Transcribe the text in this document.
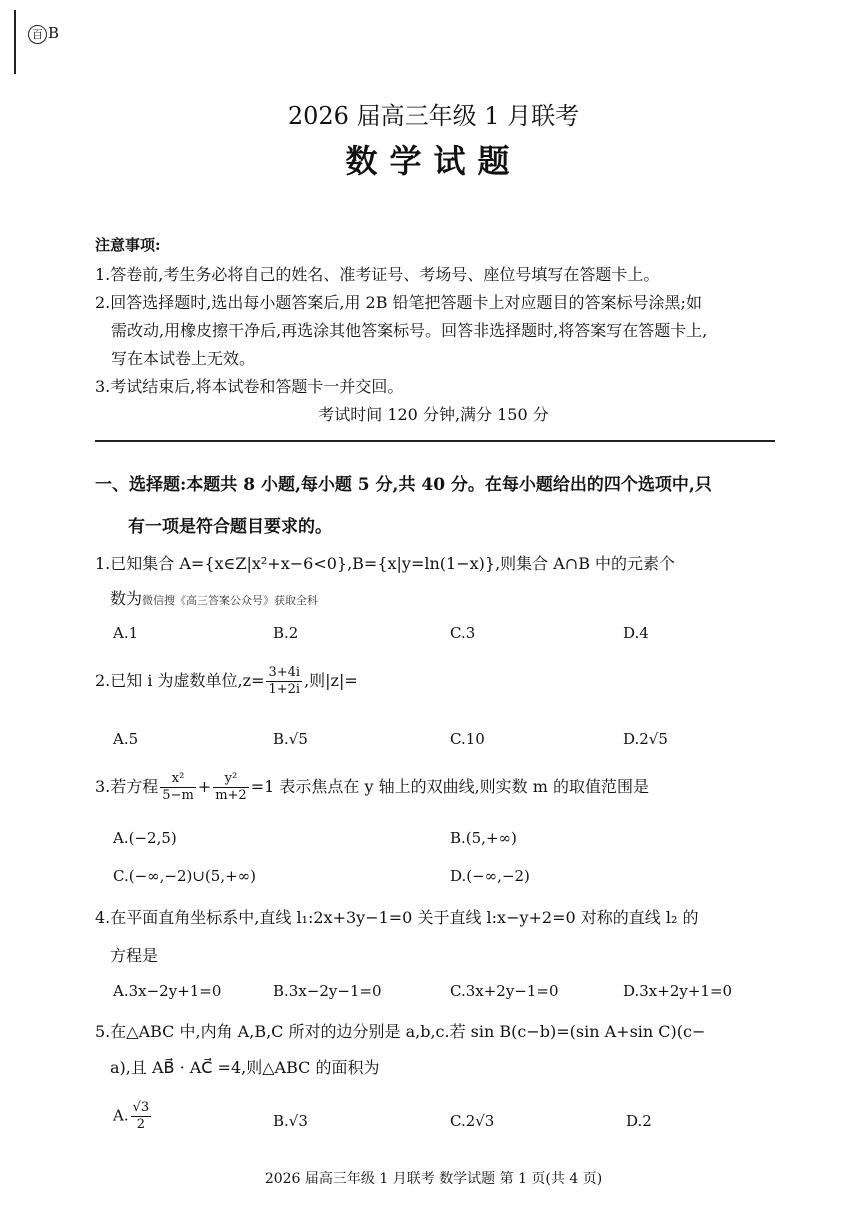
百 B
2026 届高三年级 1 月联考
数学试题
注意事项:
1.答卷前,考生务必将自己的姓名、准考证号、考场号、座位号填写在答题卡上。
2.回答选择题时,选出每小题答案后,用 2B 铅笔把答题卡上对应题目的答案标号涂黑;如
需改动,用橡皮擦干净后,再选涂其他答案标号。回答非选择题时,将答案写在答题卡上,
写在本试卷上无效。
3.考试结束后,将本试卷和答题卡一并交回。
考试时间 120 分钟,满分 150 分
一、选择题:本题共 8 小题,每小题 5 分,共 40 分。在每小题给出的四个选项中,只
有一项是符合题目要求的。
1.已知集合 A={x∈Z|x²+x−6<0},B={x|y=ln(1−x)},则集合 A∩B 中的元素个
数为微信搜《高三答案公众号》获取全科
A.1	B.2	C.3	D.4
2.已知 i 为虚数单位$,z= \frac{3+4i}{1+2i}$ ,则|z|=
A.5	B.√5	C.10	D.2√5
3.若方程 $\frac{\text{x²}}{5-m} + \frac{\text{y²}}{m+2} =1$ 表示焦点在 y 轴上的双曲线,则实数 m 的取值范围是
A.(−2,5)	B.(5,+∞)
C.(−∞,−2)∪(5,+∞)	D.(−∞,−2)
4.在平面直角坐标系中,直线 l₁:2x+3y−1=0 关于直线 l:x−y+2=0 对称的直线 l₂ 的
方程是
A.3x−2y+1=0	B.3x−2y−1=0	C.3x+2y−1=0	D.3x+2y+1=0
5.在△ABC 中,内角 A,B,C 所对的边分别是 a,b,c.若 sin B(c−b)=(sin A+sin C)(c−
a),且 AB⃗ · AC⃗ =4,则△ABC 的面积为
A. $\frac{√3}{2}$	B.√3	C.2√3	D.2
2026 届高三年级 1 月联考 数学试题 第 1 页(共 4 页)
